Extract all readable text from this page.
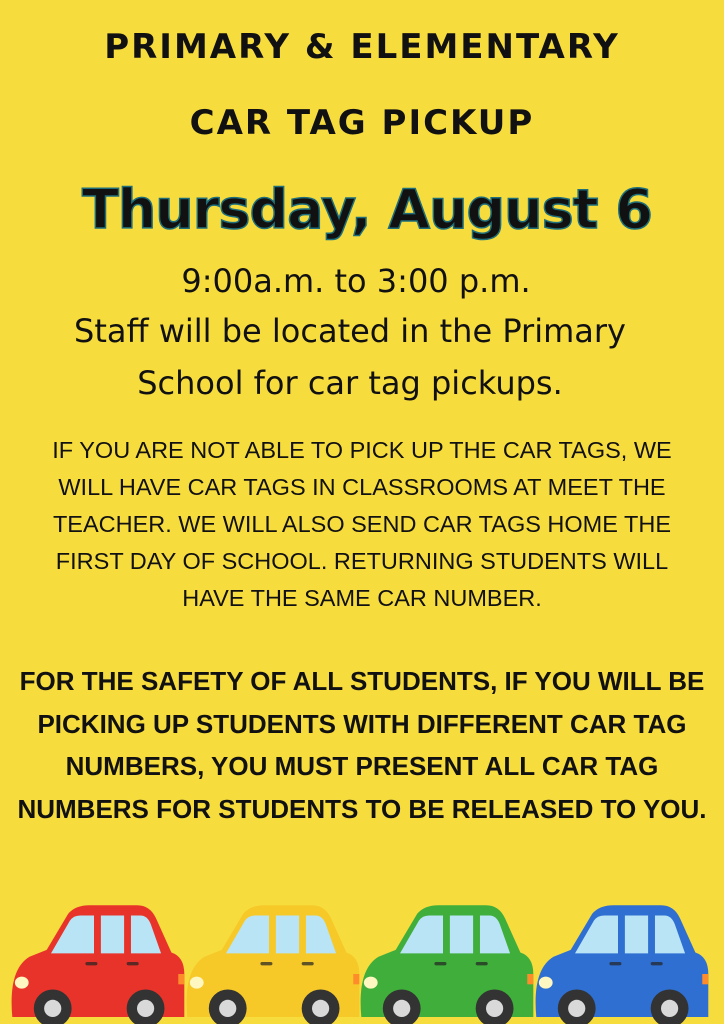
PRIMARY & ELEMENTARY
CAR TAG PICKUP
Thursday, August 6
9:00a.m. to 3:00 p.m.
Staff will be located in the Primary
School for car tag pickups.
IF YOU ARE NOT ABLE TO PICK UP THE CAR TAGS, WE WILL HAVE CAR TAGS IN CLASSROOMS AT MEET THE TEACHER. WE WILL ALSO SEND CAR TAGS HOME THE FIRST DAY OF SCHOOL. RETURNING STUDENTS WILL HAVE THE SAME CAR NUMBER.
FOR THE SAFETY OF ALL STUDENTS, IF YOU WILL BE PICKING UP STUDENTS WITH DIFFERENT CAR TAG NUMBERS, YOU MUST PRESENT ALL CAR TAG NUMBERS FOR STUDENTS TO BE RELEASED TO YOU.
